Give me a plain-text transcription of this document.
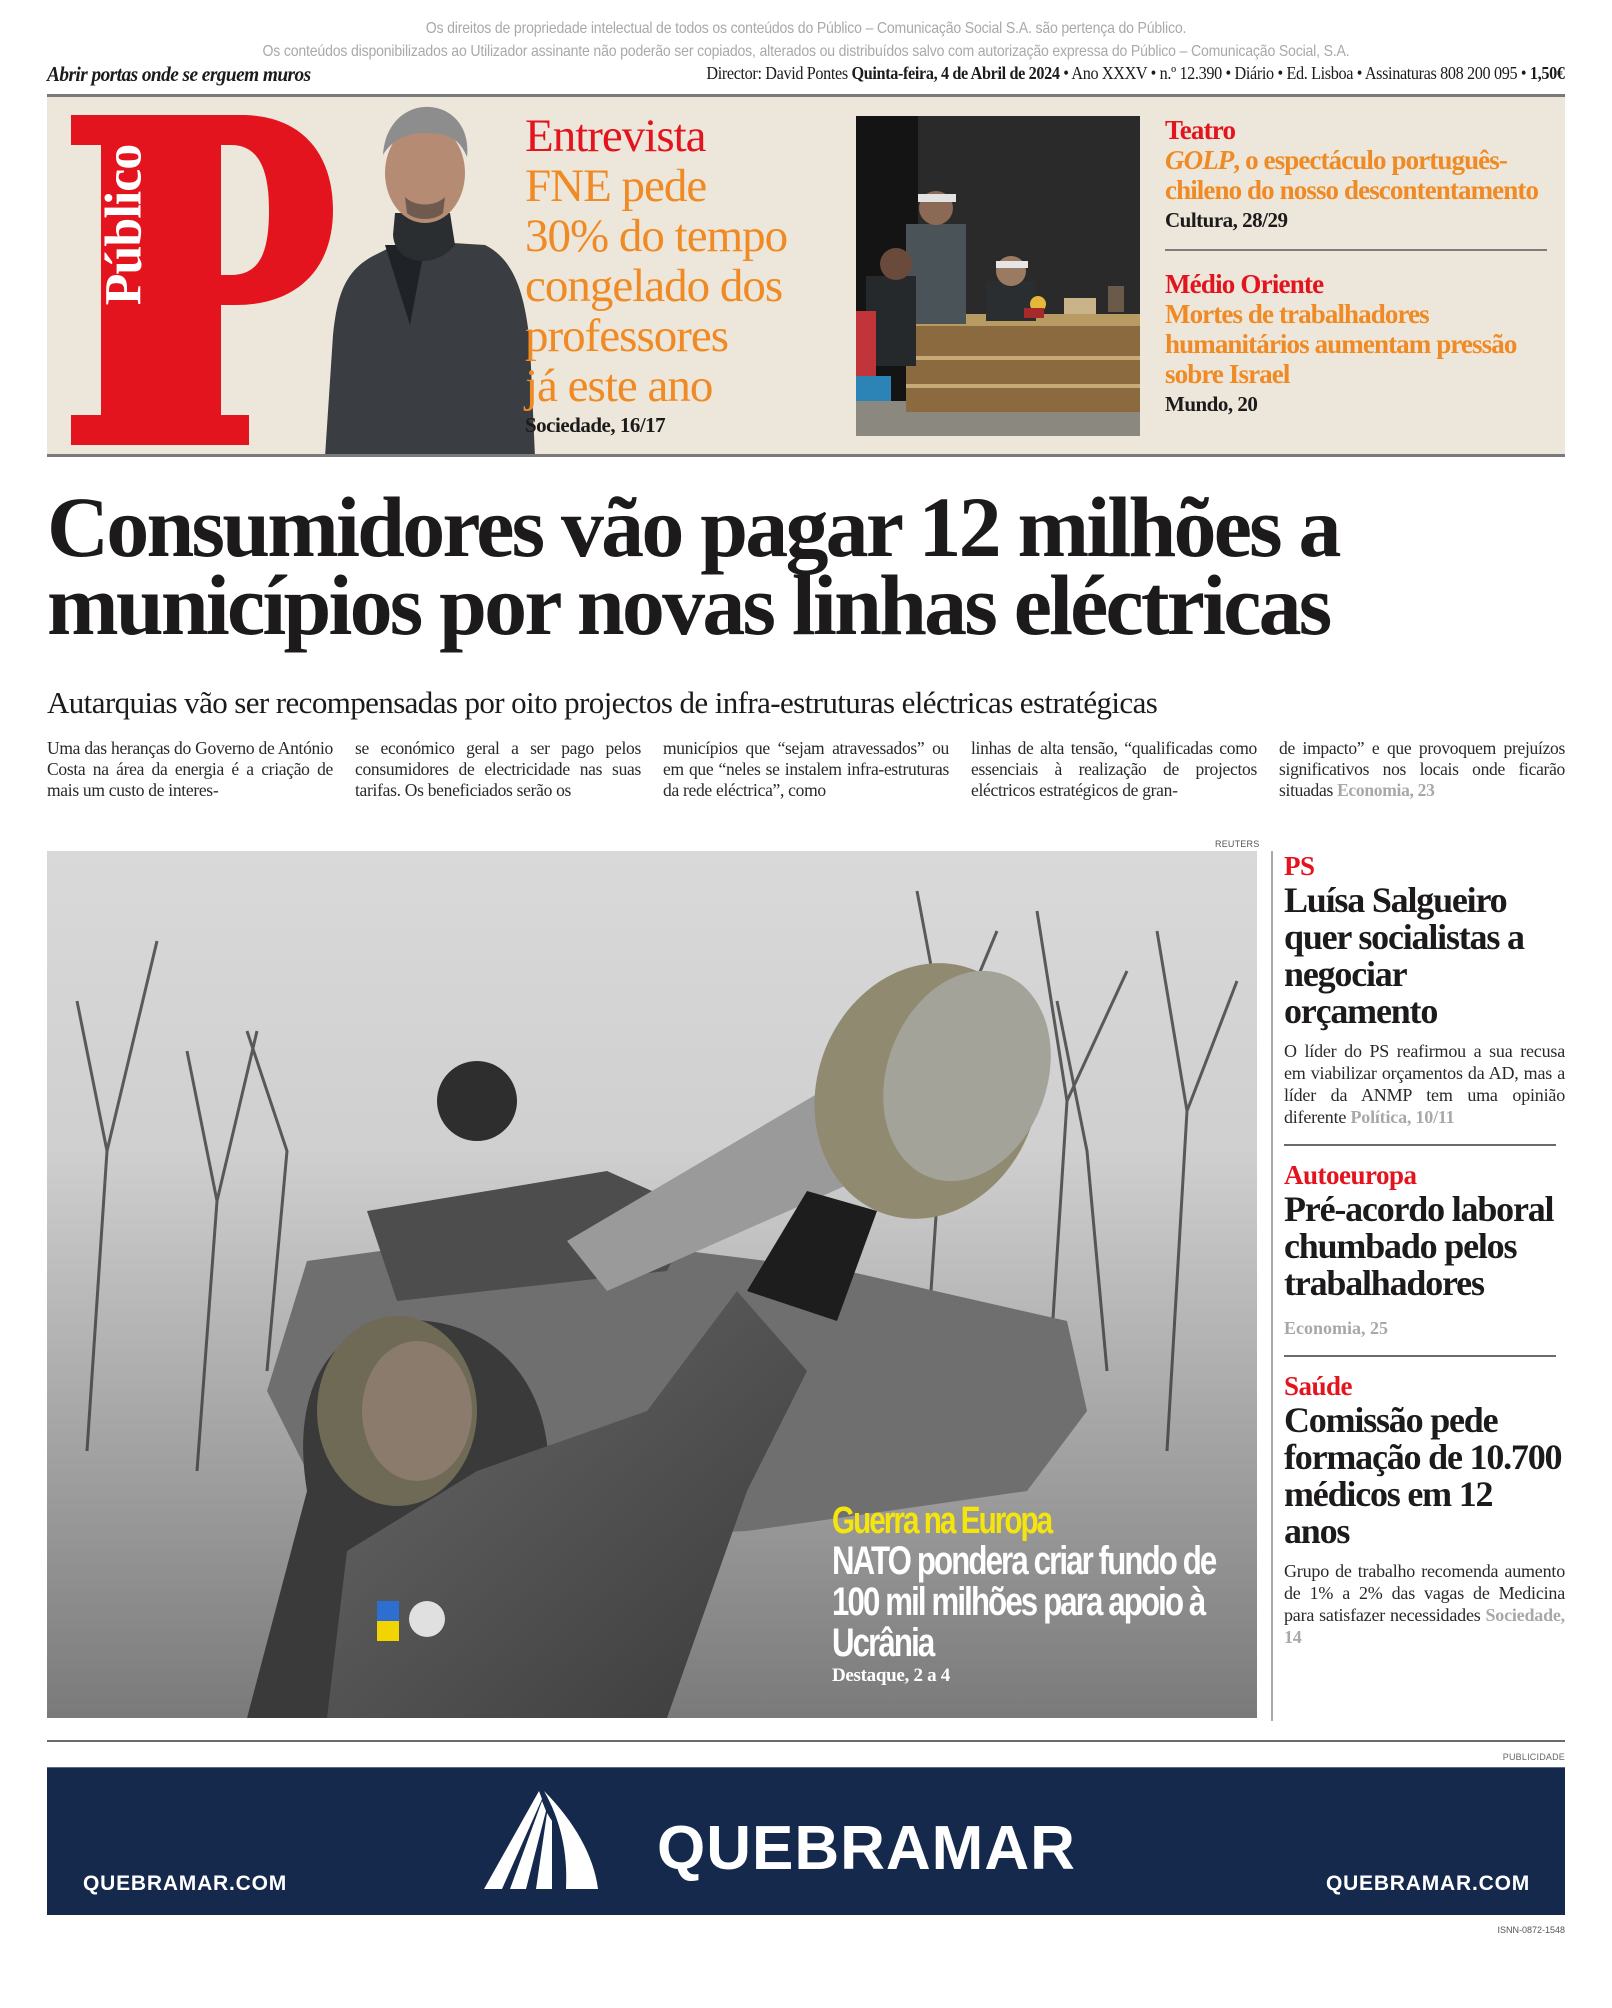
Os direitos de propriedade intelectual de todos os conteúdos do Público – Comunicação Social S.A. são pertença do Público.
Os conteúdos disponibilizados ao Utilizador assinante não poderão ser copiados, alterados ou distribuídos salvo com autorização expressa do Público – Comunicação Social, S.A.
Abrir portas onde se erguem muros	Director: David Pontes Quinta-feira, 4 de Abril de 2024 • Ano XXXV • n.º 12.390 • Diário • Ed. Lisboa • Assinaturas 808 200 095 • 1,50€
Público
Entrevista
FNE pede
30% do tempo
congelado dos
professores
já este ano
Sociedade, 16/17
Teatro
GOLP, o espectáculo português-chileno do nosso descontentamento
Cultura, 28/29
Médio Oriente
Mortes de trabalhadores humanitários aumentam pressão sobre Israel
Mundo, 20
Consumidores vão pagar 12 milhões a municípios por novas linhas eléctricas
Autarquias vão ser recompensadas por oito projectos de infra-estruturas eléctricas estratégicas
Uma das heranças do Governo de António Costa na área da energia é a criação de mais um custo de interes-
se económico geral a ser pago pelos consumidores de electricidade nas suas tarifas. Os beneficiados serão os
municípios que “sejam atravessados” ou em que “neles se instalem infra-estruturas da rede eléctrica”, como
linhas de alta tensão, “qualificadas como essenciais à realização de projectos eléctricos estratégicos de gran-
de impacto” e que provoquem prejuízos significativos nos locais onde ficarão situadas Economia, 23
REUTERS
Guerra na Europa
NATO pondera criar fundo de 100 mil milhões para apoio à Ucrânia
Destaque, 2 a 4
PS
Luísa Salgueiro quer socialistas a negociar orçamento
O líder do PS reafirmou a sua recusa em viabilizar orçamentos da AD, mas a líder da ANMP tem uma opinião diferente Política, 10/11
Autoeuropa
Pré-acordo laboral chumbado pelos trabalhadores
Economia, 25
Saúde
Comissão pede formação de 10.700 médicos em 12 anos
Grupo de trabalho recomenda aumento de 1% a 2% das vagas de Medicina para satisfazer necessidades Sociedade, 14
PUBLICIDADE
QUEBRAMAR.COM
QUEBRAMAR
QUEBRAMAR.COM
ISNN-0872-1548
